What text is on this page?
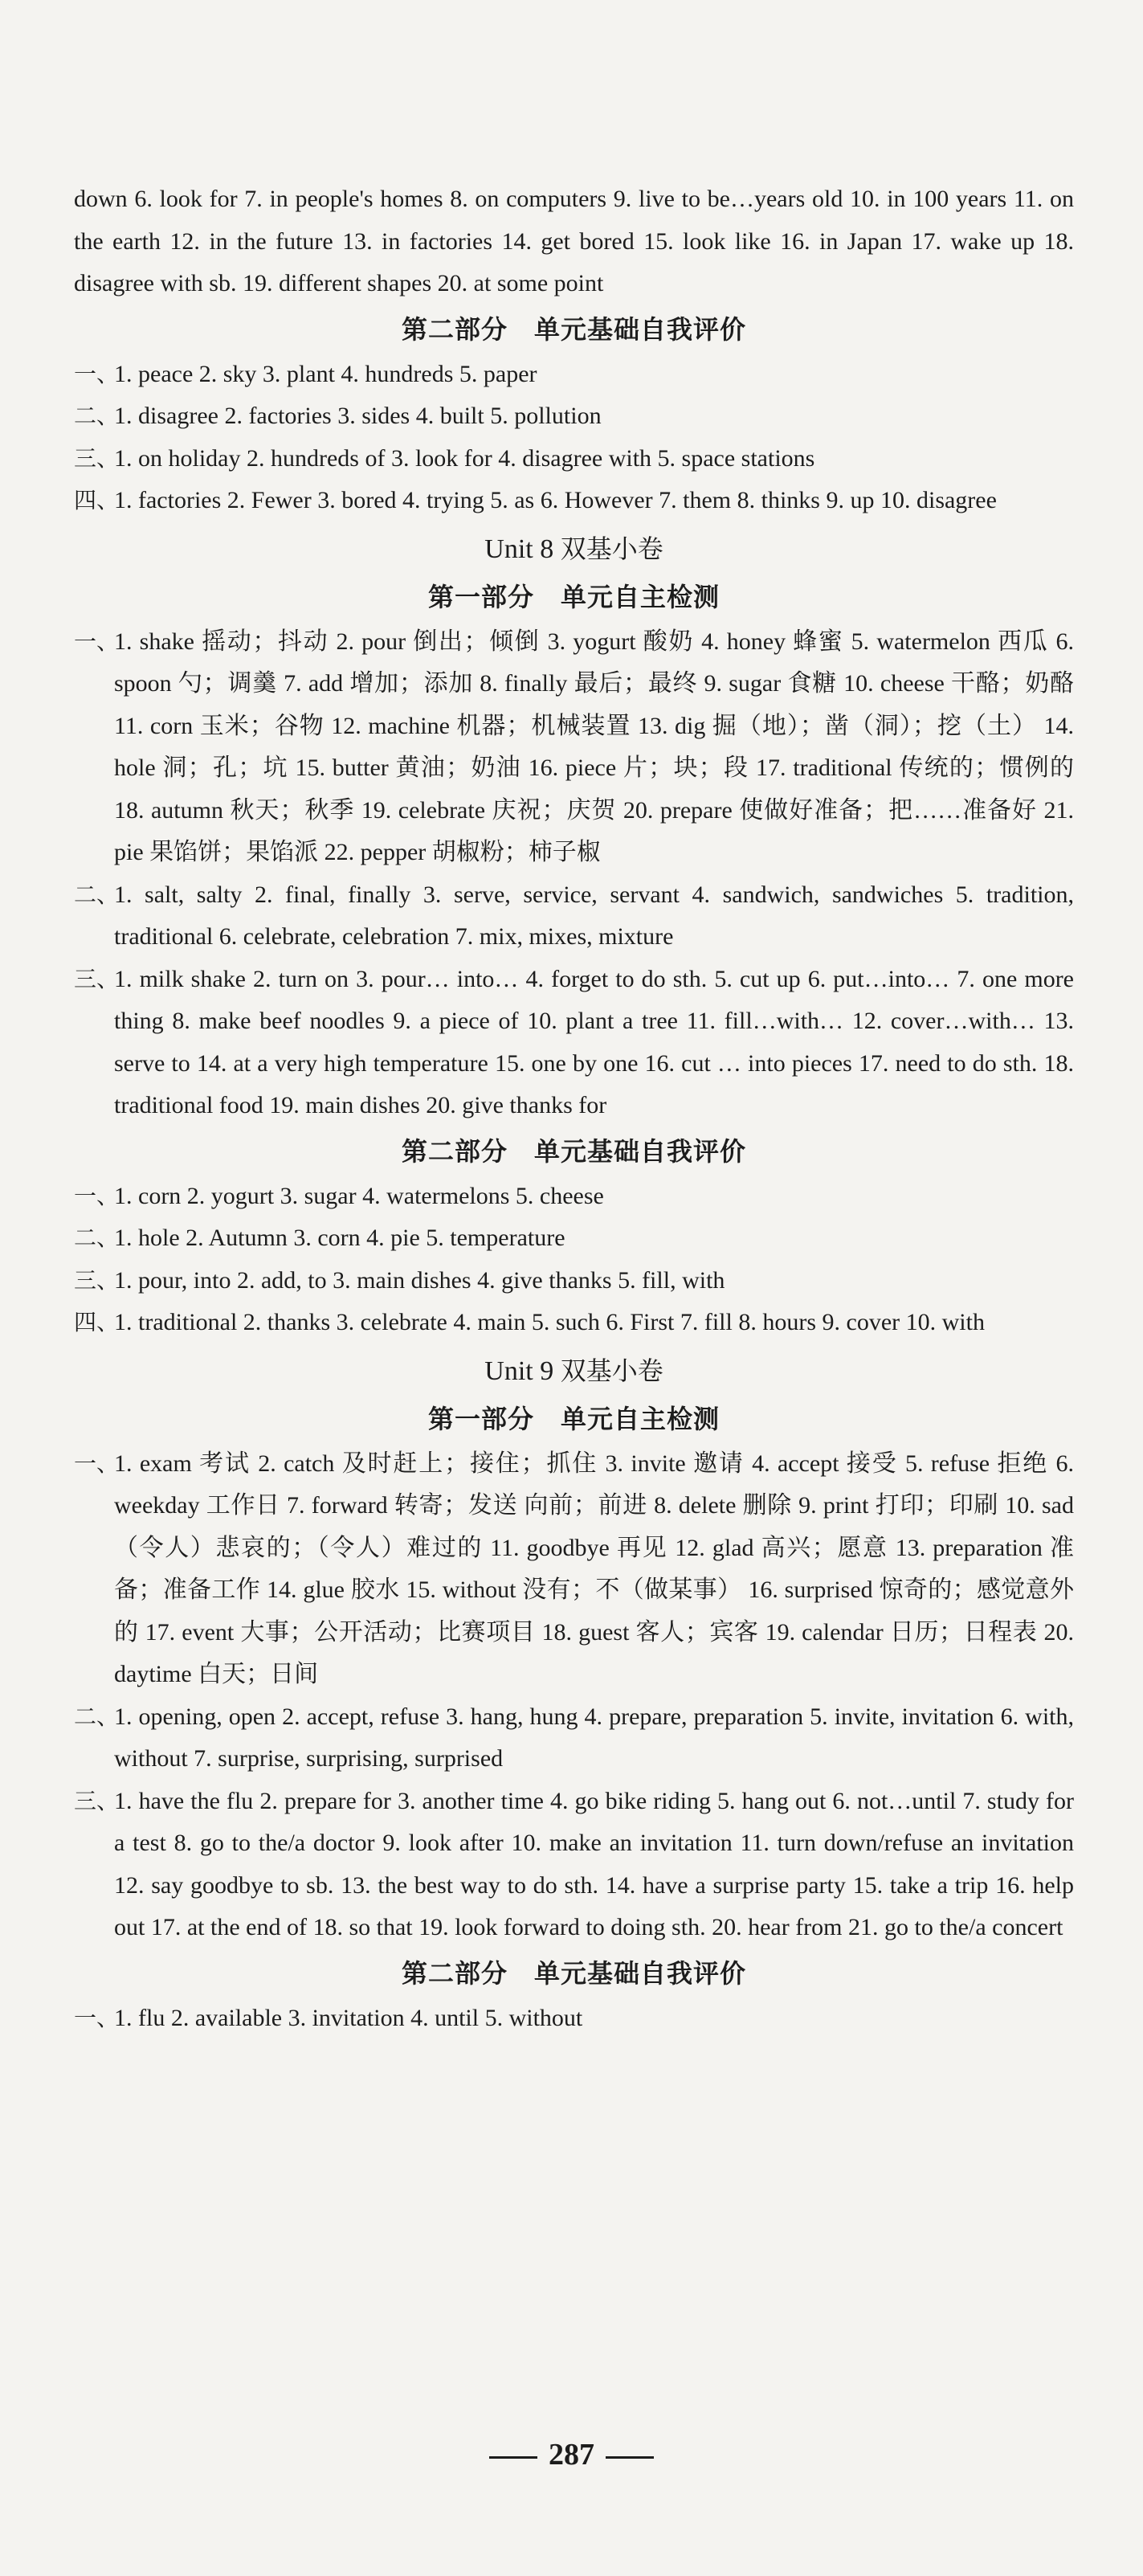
down 6. look for 7. in people's homes 8. on computers 9. live to be…years old 10. in 100 years 11. on the earth 12. in the future 13. in factories 14. get bored 15. look like 16. in Japan 17. wake up 18. disagree with sb. 19. different shapes 20. at some point

第二部分　单元基础自我评价
一、
1. peace 2. sky 3. plant 4. hundreds 5. paper
二、
1. disagree 2. factories 3. sides 4. built 5. pollution
三、
1. on holiday 2. hundreds of 3. look for 4. disagree with 5. space stations
四、
1. factories 2. Fewer 3. bored 4. trying 5. as 6. However 7. them 8. thinks 9. up 10. disagree
Unit 8 双基小卷
第一部分　单元自主检测
一、
1. shake 摇动；抖动 2. pour 倒出；倾倒 3. yogurt 酸奶 4. honey 蜂蜜 5. watermelon 西瓜 6. spoon 勺；调羹 7. add 增加；添加 8. finally 最后；最终 9. sugar 食糖 10. cheese 干酪；奶酪 11. corn 玉米；谷物 12. machine 机器；机械装置 13. dig 掘（地）；凿（洞）；挖（土） 14. hole 洞；孔；坑 15. butter 黄油；奶油 16. piece 片；块；段 17. traditional 传统的；惯例的 18. autumn 秋天；秋季 19. celebrate 庆祝；庆贺 20. prepare 使做好准备；把……准备好 21. pie 果馅饼；果馅派 22. pepper 胡椒粉；柿子椒
二、
1. salt, salty 2. final, finally 3. serve, service, servant 4. sandwich, sandwiches 5. tradition, traditional 6. celebrate, celebration 7. mix, mixes, mixture
三、
1. milk shake 2. turn on 3. pour… into… 4. forget to do sth. 5. cut up 6. put…into… 7. one more thing 8. make beef noodles 9. a piece of 10. plant a tree 11. fill…with… 12. cover…with… 13. serve to 14. at a very high temperature 15. one by one 16. cut … into pieces 17. need to do sth. 18. traditional food 19. main dishes 20. give thanks for
第二部分　单元基础自我评价
一、
1. corn 2. yogurt 3. sugar 4. watermelons 5. cheese
二、
1. hole 2. Autumn 3. corn 4. pie 5. temperature
三、
1. pour, into 2. add, to 3. main dishes 4. give thanks 5. fill, with
四、
1. traditional 2. thanks 3. celebrate 4. main 5. such 6. First 7. fill 8. hours 9. cover 10. with
Unit 9 双基小卷
第一部分　单元自主检测
一、
1. exam 考试 2. catch 及时赶上；接住；抓住 3. invite 邀请 4. accept 接受 5. refuse 拒绝 6. weekday 工作日 7. forward 转寄；发送 向前；前进 8. delete 删除 9. print 打印；印刷 10. sad （令人）悲哀的；（令人）难过的 11. goodbye 再见 12. glad 高兴；愿意 13. preparation 准备；准备工作 14. glue 胶水 15. without 没有；不（做某事） 16. surprised 惊奇的；感觉意外的 17. event 大事；公开活动；比赛项目 18. guest 客人；宾客 19. calendar 日历；日程表 20. daytime 白天；日间
二、
1. opening, open 2. accept, refuse 3. hang, hung 4. prepare, preparation 5. invite, invitation 6. with, without 7. surprise, surprising, surprised
三、
1. have the flu 2. prepare for 3. another time 4. go bike riding 5. hang out 6. not…until 7. study for a test 8. go to the/a doctor 9. look after 10. make an invitation 11. turn down/refuse an invitation 12. say goodbye to sb. 13. the best way to do sth. 14. have a surprise party 15. take a trip 16. help out 17. at the end of 18. so that 19. look forward to doing sth. 20. hear from 21. go to the/a concert
第二部分　单元基础自我评价
一、
1. flu 2. available 3. invitation 4. until 5. without
287
